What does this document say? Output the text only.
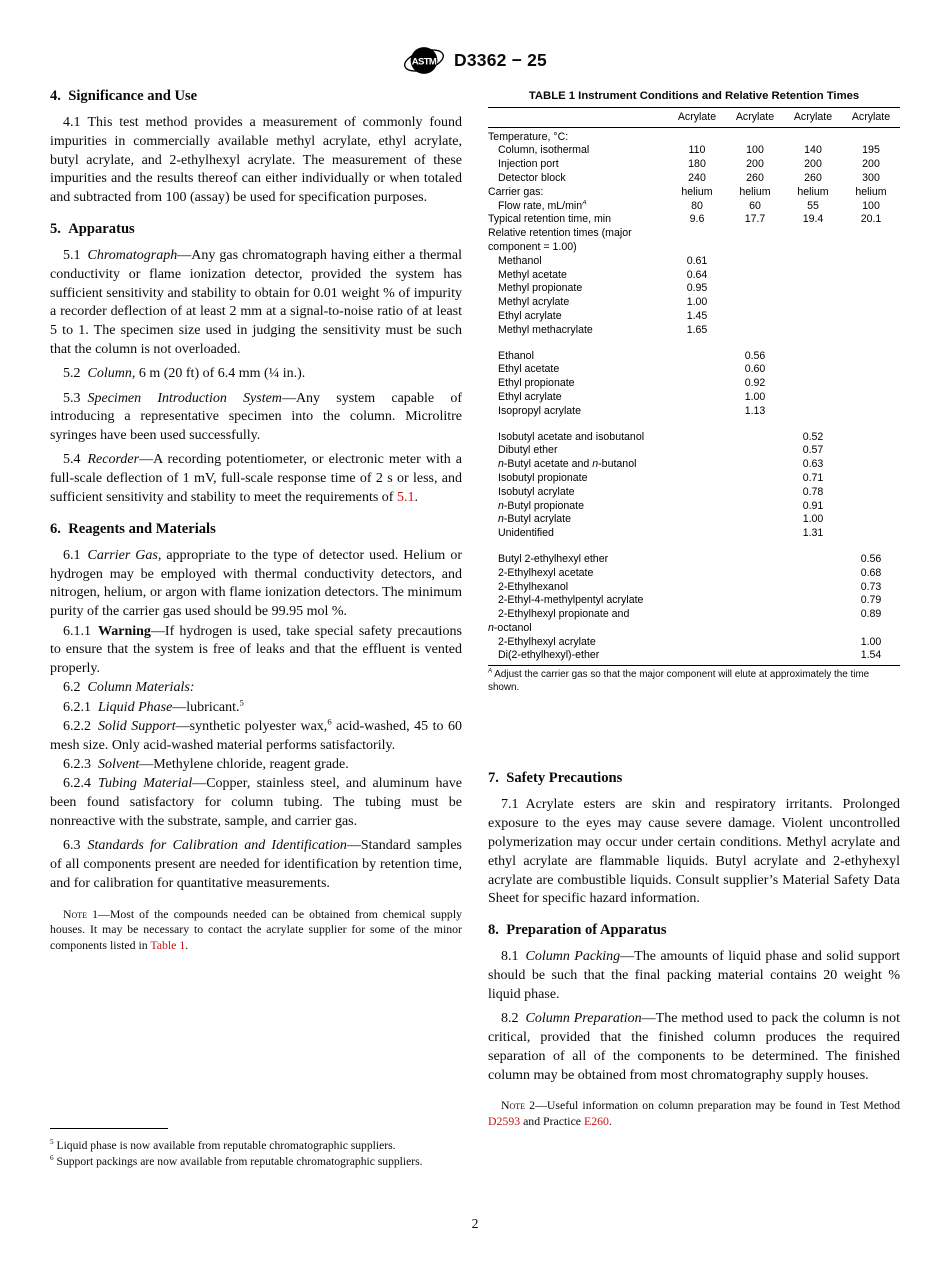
ASTM D3362 − 25
4. Significance and Use

4.1 This test method provides a measurement of commonly found impurities in commercially available methyl acrylate, ethyl acrylate, butyl acrylate, and 2-ethylhexyl acrylate. The measurement of these impurities and the results thereof can either individually or when totaled and subtracted from 100 (assay) be used for specification purposes.

5. Apparatus

5.1 Chromatograph—Any gas chromatograph having either a thermal conductivity or flame ionization detector, provided the system has sufficient sensitivity and stability to obtain for 0.01 weight % of impurity a recorder deflection of at least 2 mm at a signal-to-noise ratio of at least 5 to 1. The specimen size used in judging the sensitivity must be such that the column is not overloaded.

5.2 Column, 6 m (20 ft) of 6.4 mm (¼ in.).

5.3 Specimen Introduction System—Any system capable of introducing a representative specimen into the column. Microlitre syringes have been used successfully.

5.4 Recorder—A recording potentiometer, or electronic meter with a full-scale deflection of 1 mV, full-scale response time of 2 s or less, and sufficient sensitivity and stability to meet the requirements of 5.1.

6. Reagents and Materials

6.1 Carrier Gas, appropriate to the type of detector used. Helium or hydrogen may be employed with thermal conductivity detectors, and nitrogen, helium, or argon with flame ionization detectors. The minimum purity of the carrier gas used should be 99.95 mol %.

6.1.1 Warning—If hydrogen is used, take special safety precautions to ensure that the system is free of leaks and that the effluent is vented properly.

6.2 Column Materials:

6.2.1 Liquid Phase—lubricant.$^5$

6.2.2 Solid Support—synthetic polyester wax,$^6$ acid-washed, 45 to 60 mesh size. Only acid-washed material performs satisfactorily.

6.2.3 Solvent—Methylene chloride, reagent grade.

6.2.4 Tubing Material—Copper, stainless steel, and aluminum have been found satisfactory for column tubing. The tubing must be nonreactive with the substrate, sample, and carrier gas.

6.3 Standards for Calibration and Identification—Standard samples of all components present are needed for identification by retention time, and for calibration for quantitative measurements.

Note 1—Most of the compounds needed can be obtained from chemical supply houses. It may be necessary to contact the acrylate supplier for some of the minor components listed in Table 1.

TABLE 1 Instrument Conditions and Relative Retention Times
	Acrylate	Acrylate	Acrylate	Acrylate
Temperature, °C:				
Column, isothermal	110	100	140	195
Injection port	180	200	200	200
Detector block	240	260	260	300
Carrier gas:	helium	helium	helium	helium
Flow rate, $mL/\min^A$	80	60	55	100
Typical retention time, min	9.6	17.7	19.4	20.1
Relative retention times (major
component = 1.00)				
Methanol	0.61			
Methyl acetate	0.64			
Methyl propionate	0.95			
Methyl acrylate	1.00			
Ethyl acrylate	1.45			
Methyl methacrylate	1.65			

Ethanol		0.56		
Ethyl acetate		0.60		
Ethyl propionate		0.92		
Ethyl acrylate		1.00		
Isopropyl acrylate		1.13		

Isobutyl acetate and isobutanol			0.52	
Dibutyl ether			0.57	
n-Butyl acetate and n-butanol			0.63	
Isobutyl propionate			0.71	
Isobutyl acrylate			0.78	
n-Butyl propionate			0.91	
n-Butyl acrylate			1.00	
Unidentified			1.31	

Butyl 2-ethylhexyl ether				0.56
2-Ethylhexyl acetate				0.68
2-Ethylhexanol				0.73
2-Ethyl-4-methylpentyl acrylate				0.79
2-Ethylhexyl propionate and
n-octanol				0.89
2-Ethylhexyl acrylate				1.00
Di(2-ethylhexyl)-ether				1.54
$^A$ Adjust the carrier gas so that the major component will elute at approximately the time shown.
7. Safety Precautions

7.1 Acrylate esters are skin and respiratory irritants. Prolonged exposure to the eyes may cause severe damage. Violent uncontrolled polymerization may occur under certain conditions. Methyl acrylate and ethyl acrylate are flammable liquids. Butyl acrylate and 2-ethyhexyl acrylate are combustible liquids. Consult supplier’s Material Safety Data Sheet for specific hazard information.

8. Preparation of Apparatus

8.1 Column Packing—The amounts of liquid phase and solid support should be such that the final packing material contains 20 weight % liquid phase.

8.2 Column Preparation—The method used to pack the column is not critical, provided that the finished column produces the required separation of all of the components to be determined. The finished column may be obtained from most chromatography supply houses.

Note 2—Useful information on column preparation may be found in Test Method D2593 and Practice E260.

$^5$ Liquid phase is now available from reputable chromatographic suppliers.

$^6$ Support packings are now available from reputable chromatographic suppliers.

2
